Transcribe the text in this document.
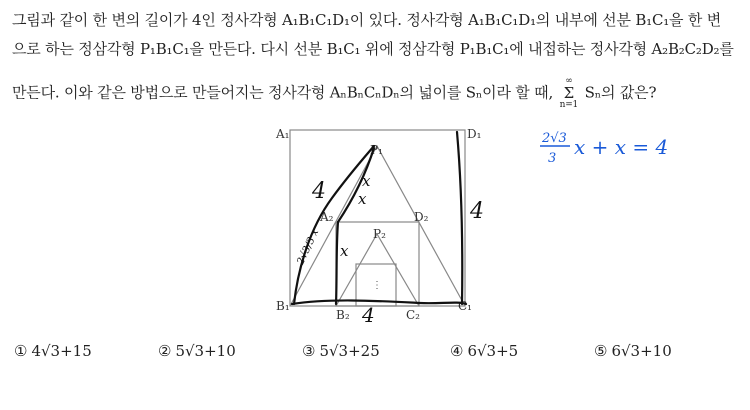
그림과 같이 한 변의 길이가 4인 정사각형 A₁B₁C₁D₁이 있다. 정사각형 A₁B₁C₁D₁의 내부에 선분 B₁C₁을 한 변
으로 하는 정삼각형 P₁B₁C₁을 만든다. 다시 선분 B₁C₁ 위에 정삼각형 P₁B₁C₁에 내접하는 정사각형 A₂B₂C₂D₂를
만든다. 이와 같은 방법으로 만들어지는 정사각형 AₙBₙCₙDₙ의 넓이를 Sₙ이라 할 때,
∞
Σ
n=1
Sₙ의 값은?
A₁	D₁
P₁
A₂	D₂
P₂
B₁
B₂	C₂
C₁
⋮
4
4
4
x
x
x
2√3/3 x
2√3
3 x + x = 4
① 4√3+15	② 5√3+10	③ 5√3+25	④ 6√3+5	⑤ 6√3+10
